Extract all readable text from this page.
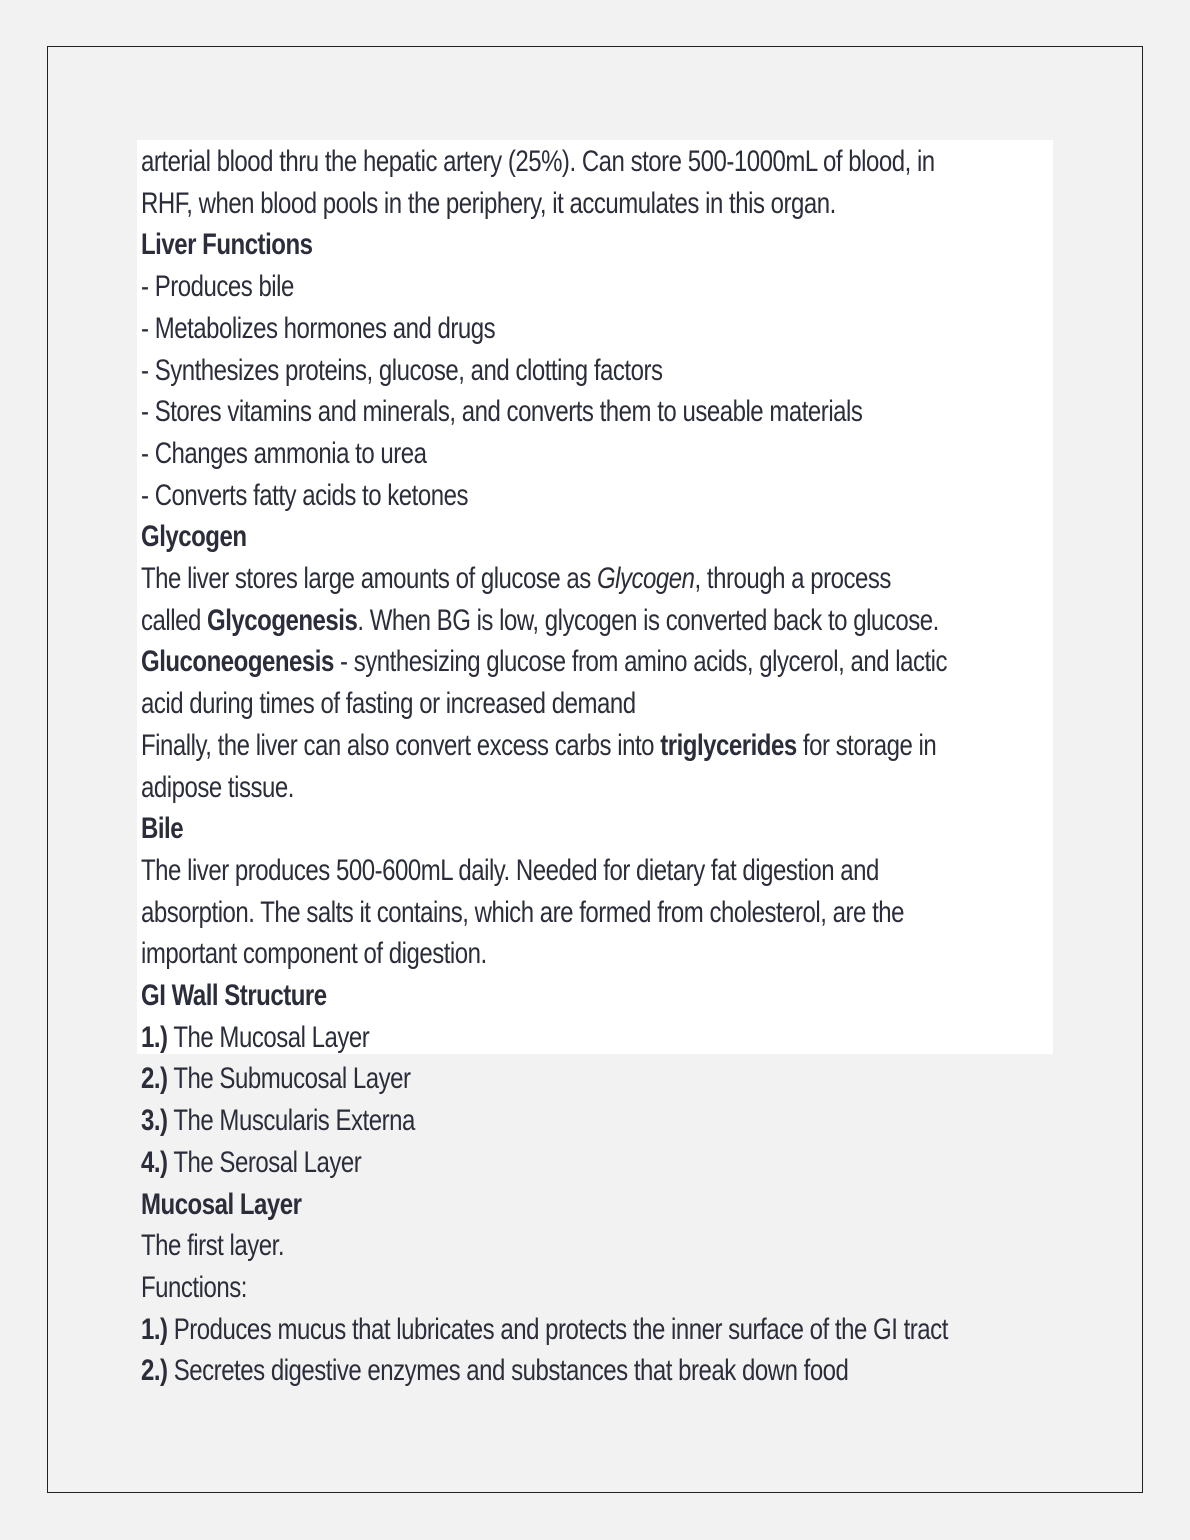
arterial blood thru the hepatic artery (25%). Can store 500-1000mL of blood, in
RHF, when blood pools in the periphery, it accumulates in this organ.
Liver Functions
- Produces bile
- Metabolizes hormones and drugs
- Synthesizes proteins, glucose, and clotting factors
- Stores vitamins and minerals, and converts them to useable materials
- Changes ammonia to urea
- Converts fatty acids to ketones
Glycogen
The liver stores large amounts of glucose as Glycogen, through a process
called Glycogenesis. When BG is low, glycogen is converted back to glucose.
Gluconeogenesis - synthesizing glucose from amino acids, glycerol, and lactic
acid during times of fasting or increased demand
Finally, the liver can also convert excess carbs into triglycerides for storage in
adipose tissue.
Bile
The liver produces 500-600mL daily. Needed for dietary fat digestion and
absorption. The salts it contains, which are formed from cholesterol, are the
important component of digestion.
GI Wall Structure
1.) The Mucosal Layer
2.) The Submucosal Layer
3.) The Muscularis Externa
4.) The Serosal Layer
Mucosal Layer
The first layer.
Functions:
1.) Produces mucus that lubricates and protects the inner surface of the GI tract
2.) Secretes digestive enzymes and substances that break down food
